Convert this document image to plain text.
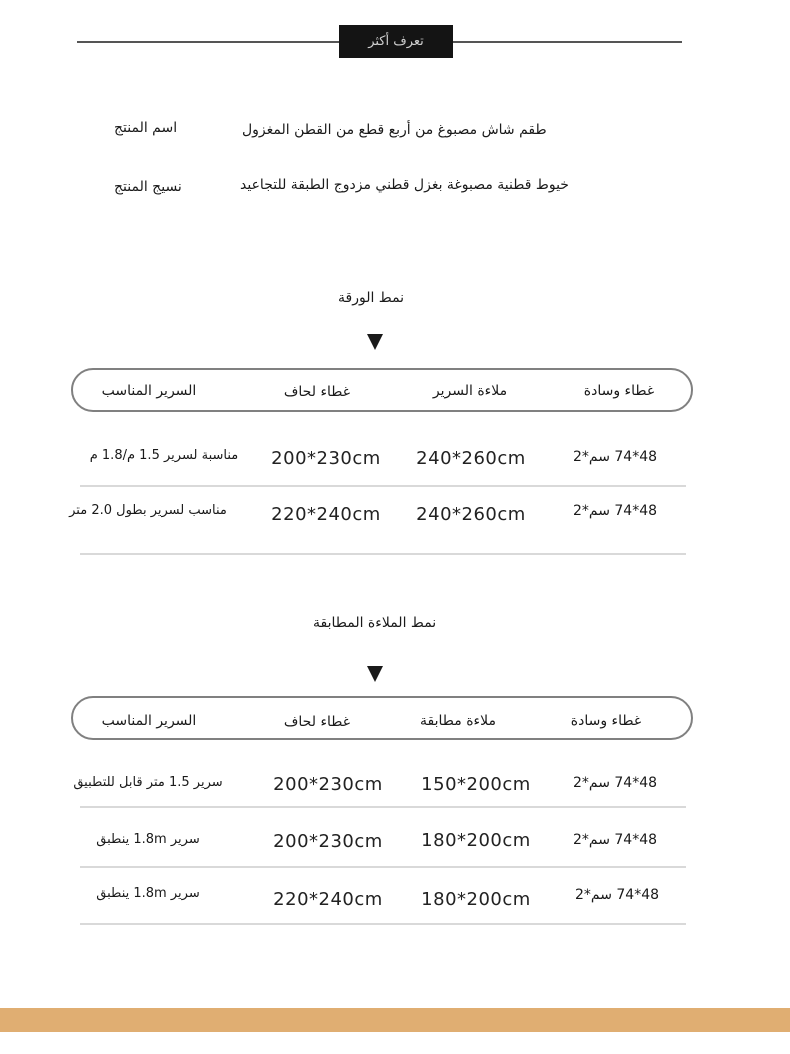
تعرف أكثر
اسم المنتج	طقم شاش مصبوغ من أربع قطع من القطن المغزول
نسيج المنتج	خيوط قطنية مصبوغة بغزل قطني مزدوج الطبقة للتجاعيد
نمط الورقة
السرير المناسب	غطاء لحاف	ملاءة السرير	غطاء وسادة
مناسبة لسرير 1.5 م/1.8 م 200*230cm 240*260cm	48*74 سم*2
مناسب لسرير بطول 2.0 متر 220*240cm 240*260cm	48*74 سم*2
نمط الملاءة المطابقة
السرير المناسب	غطاء لحاف	ملاءة مطابقة	غطاء وسادة
سرير 1.5 متر قابل للتطبيق	200*230cm 150*200cm	48*74 سم*2
سرير 1.8m ينطبق	200*230cm 180*200cm	48*74 سم*2
سرير 1.8m ينطبق	220*240cm 180*200cm	48*74 سم*2
